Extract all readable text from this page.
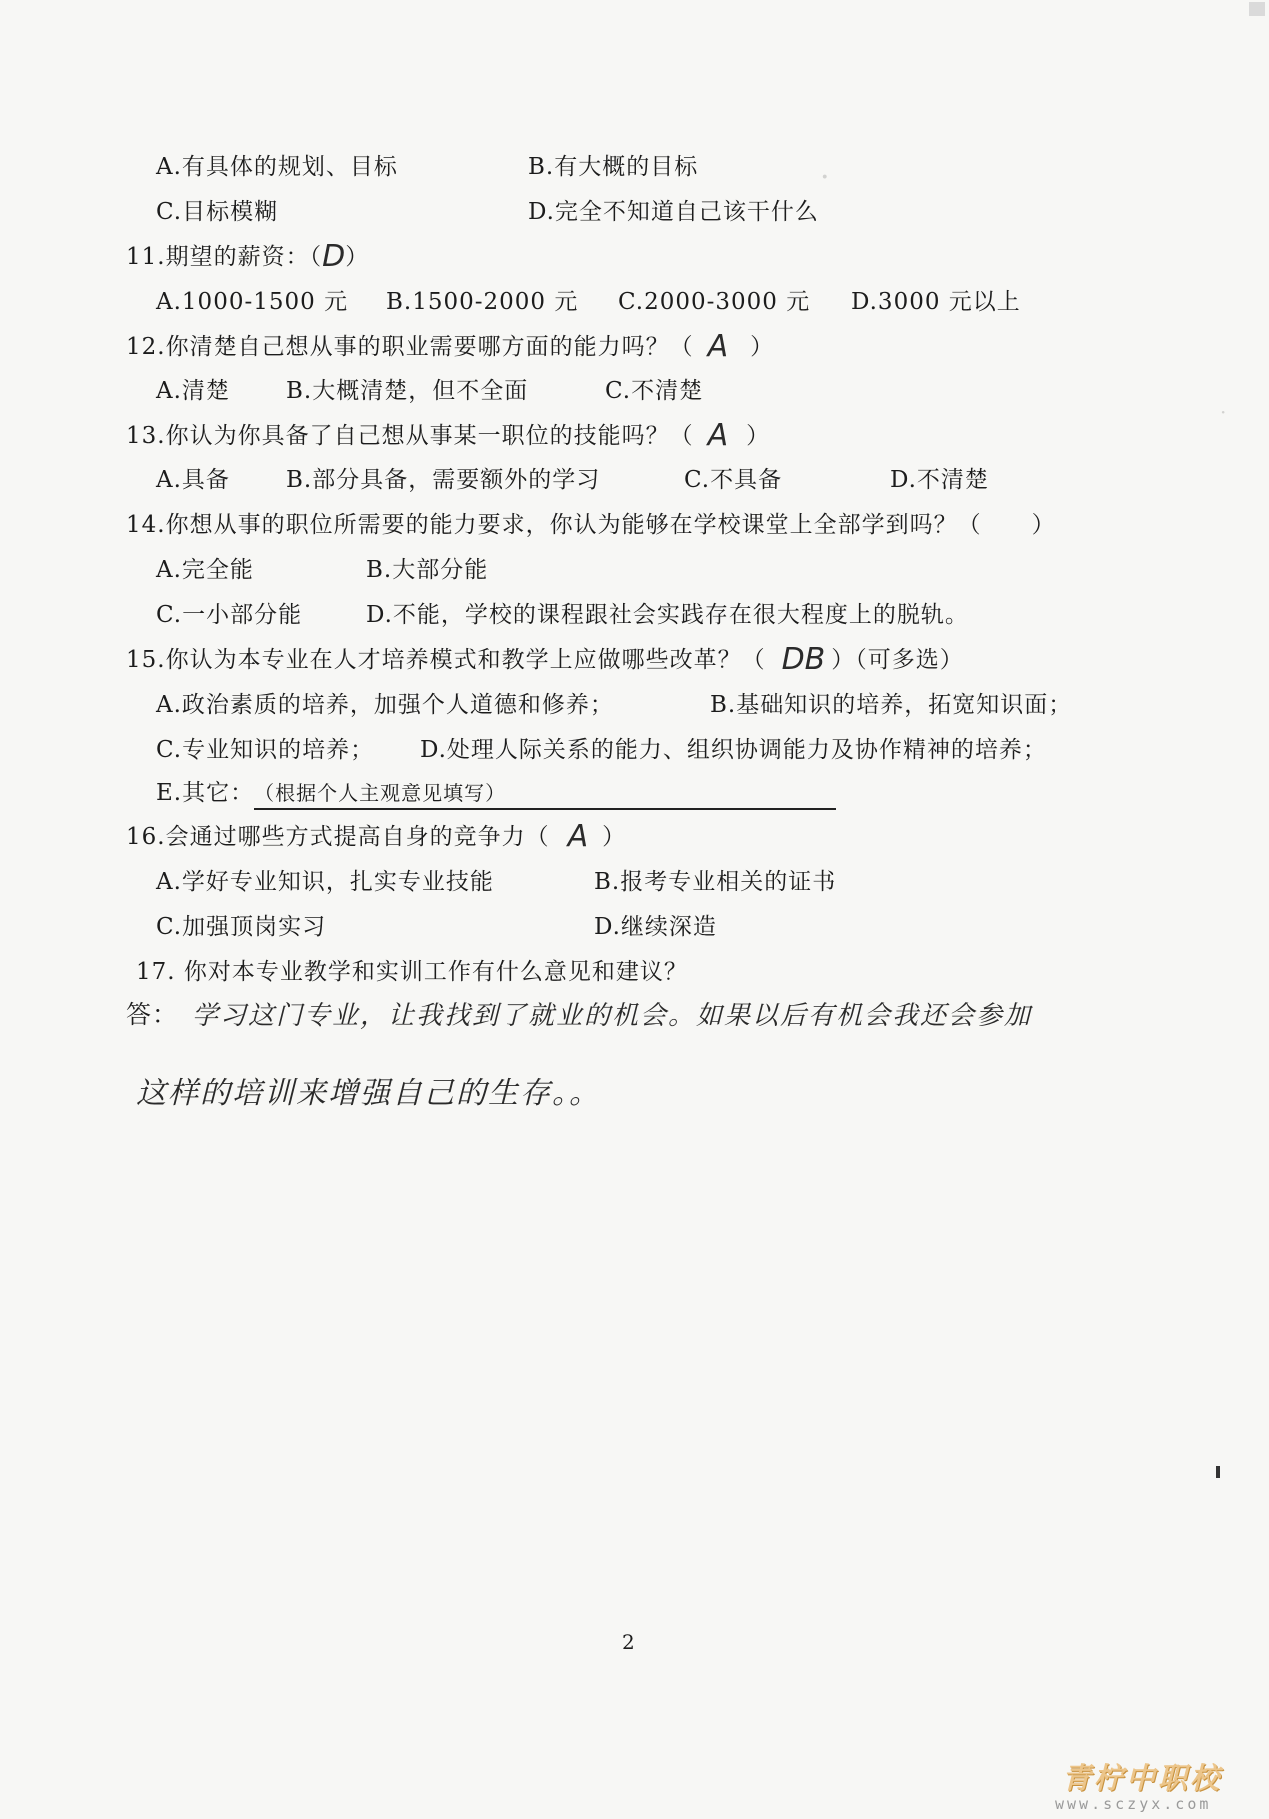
·
·
A.有具体的规划、目标	B.有大概的目标
C.目标模糊	D.完全不知道自己该干什么
11.期望的薪资：（D）
A.1000-1500 元 B.1500-2000 元 C.2000-3000 元 D.3000 元以上
12.你清楚自己想从事的职业需要哪方面的能力吗？（ A ）
A.清楚 B.大概清楚，但不全面	C.不清楚
13.你认为你具备了自己想从事某一职位的技能吗？（ A ）
A.具备 B.部分具备，需要额外的学习	C.不具备	D.不清楚
14.你想从事的职位所需要的能力要求，你认为能够在学校课堂上全部学到吗？（ ）
A.完全能	B.大部分能
C.一小部分能	D.不能，学校的课程跟社会实践存在很大程度上的脱轨。
15.你认为本专业在人才培养模式和教学上应做哪些改革？（ DB ）（可多选）
A.政治素质的培养，加强个人道德和修养；	B.基础知识的培养，拓宽知识面；
C.专业知识的培养； D.处理人际关系的能力、组织协调能力及协作精神的培养；
E.其它：（根据个人主观意见填写）
16.会通过哪些方式提高自身的竞争力（ A ）
A.学好专业知识，扎实专业技能	B.报考专业相关的证书
C.加强顶岗实习	D.继续深造
17. 你对本专业教学和实训工作有什么意见和建议？
答： 学习这门专业，让我找到了就业的机会。如果以后有机会我还会参加
这样的培训来增强自己的生存。。
2
青柠中职校
www.sczyx.com
